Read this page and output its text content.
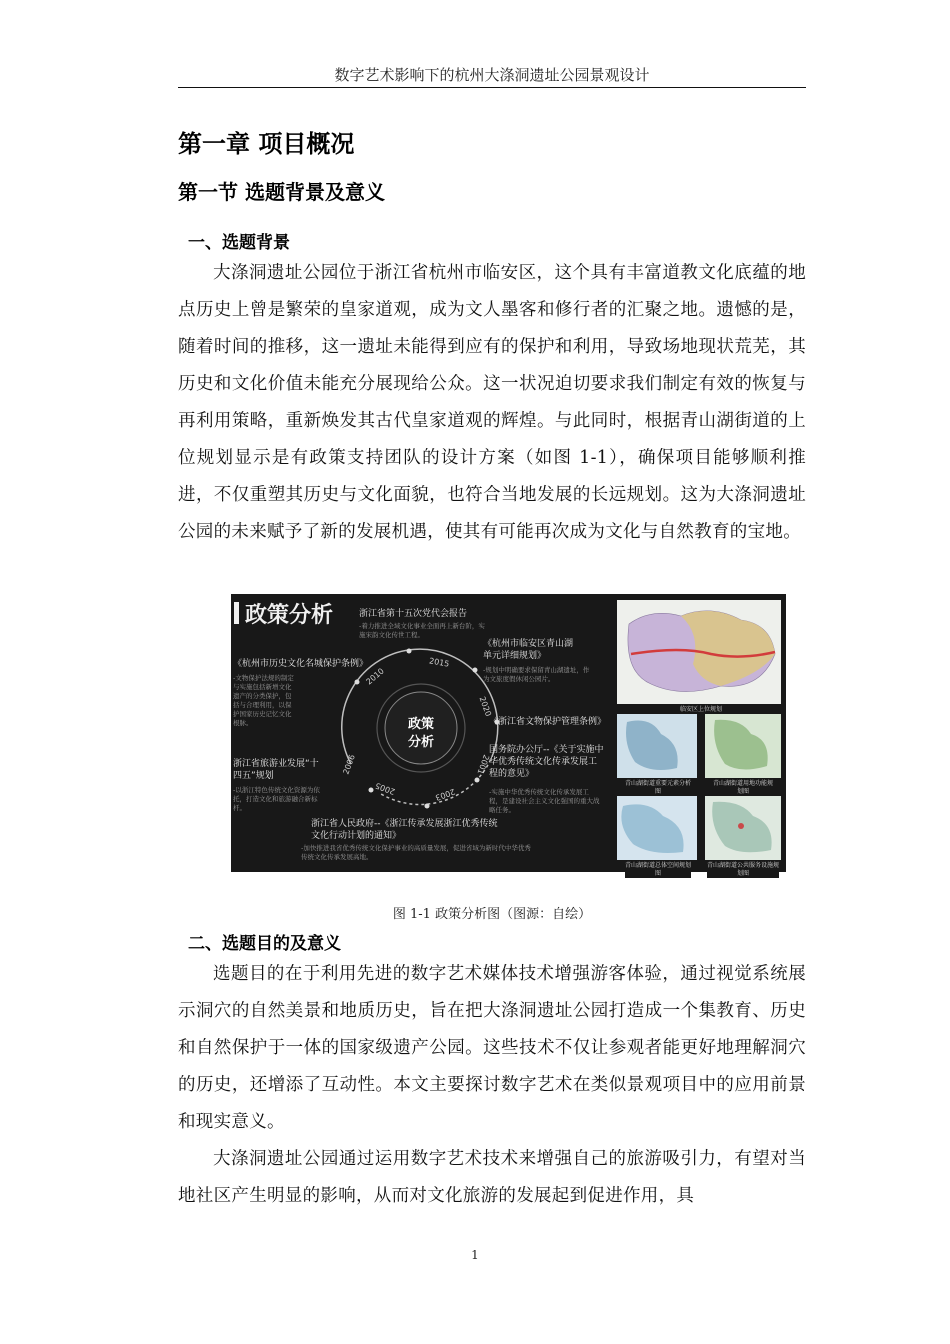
数字艺术影响下的杭州大涤洞遗址公园景观设计
第一章 项目概况
第一节 选题背景及意义
一、选题背景

大涤洞遗址公园位于浙江省杭州市临安区，这个具有丰富道教文化底蕴的地点历史上曾是繁荣的皇家道观，成为文人墨客和修行者的汇聚之地。遗憾的是，随着时间的推移，这一遗址未能得到应有的保护和利用，导致场地现状荒芜，其历史和文化价值未能充分展现给公众。这一状况迫切要求我们制定有效的恢复与再利用策略，重新焕发其古代皇家道观的辉煌。与此同时，根据青山湖街道的上位规划显示是有政策支持团队的设计方案（如图 1-1），确保项目能够顺利推进，不仅重塑其历史与文化面貌，也符合当地发展的长远规划。这为大涤洞遗址公园的未来赋予了新的发展机遇，使其有可能再次成为文化与自然教育的宝地。

政策分析
政策
分析
2006
2010
2015
2020
2001
2003
2005
浙江省第十五次党代会报告
-着力推进全域文化事业全面再上新台阶，实施宋韵文化传世工程。
《杭州市历史文化名城保护条例》
-文物保护法规的制定与实施包括新增文化遗产的分类保护，包括与合理利用，以保护国家历史记忆文化根脉。
《杭州市临安区青山湖单元详细规划》
-规划中明确要求保留青山湖遗址，作为文旅度假休闲公园片。
《浙江省文物保护管理条例》
浙江省旅游业发展“十四五”规划
-以浙江特色传统文化资源为依托，打造文化和旅游融合新标杆。
国务院办公厅--《关于实施中华优秀传统文化传承发展工程的意见》
-实施中华优秀传统文化传承发展工程，是建设社会主义文化强国的重大战略任务。
浙江省人民政府--《浙江传承发展浙江优秀传统文化行动计划的通知》
-加快推进我省优秀传统文化保护事业的高质量发展，促进省域为新时代中华优秀传统文化传承发展高地。
临安区上位规划
青山湖街道重要元素分析图
青山湖街道用地功能规划图
青山湖街道总体空间规划图
青山湖街道公共服务设施规划图
图 1-1 政策分析图（图源：自绘）
二、选题目的及意义

选题目的在于利用先进的数字艺术媒体技术增强游客体验，通过视觉系统展示洞穴的自然美景和地质历史，旨在把大涤洞遗址公园打造成一个集教育、历史和自然保护于一体的国家级遗产公园。这些技术不仅让参观者能更好地理解洞穴的历史，还增添了互动性。本文主要探讨数字艺术在类似景观项目中的应用前景和现实意义。

大涤洞遗址公园通过运用数字艺术技术来增强自己的旅游吸引力，有望对当地社区产生明显的影响，从而对文化旅游的发展起到促进作用，具

1
